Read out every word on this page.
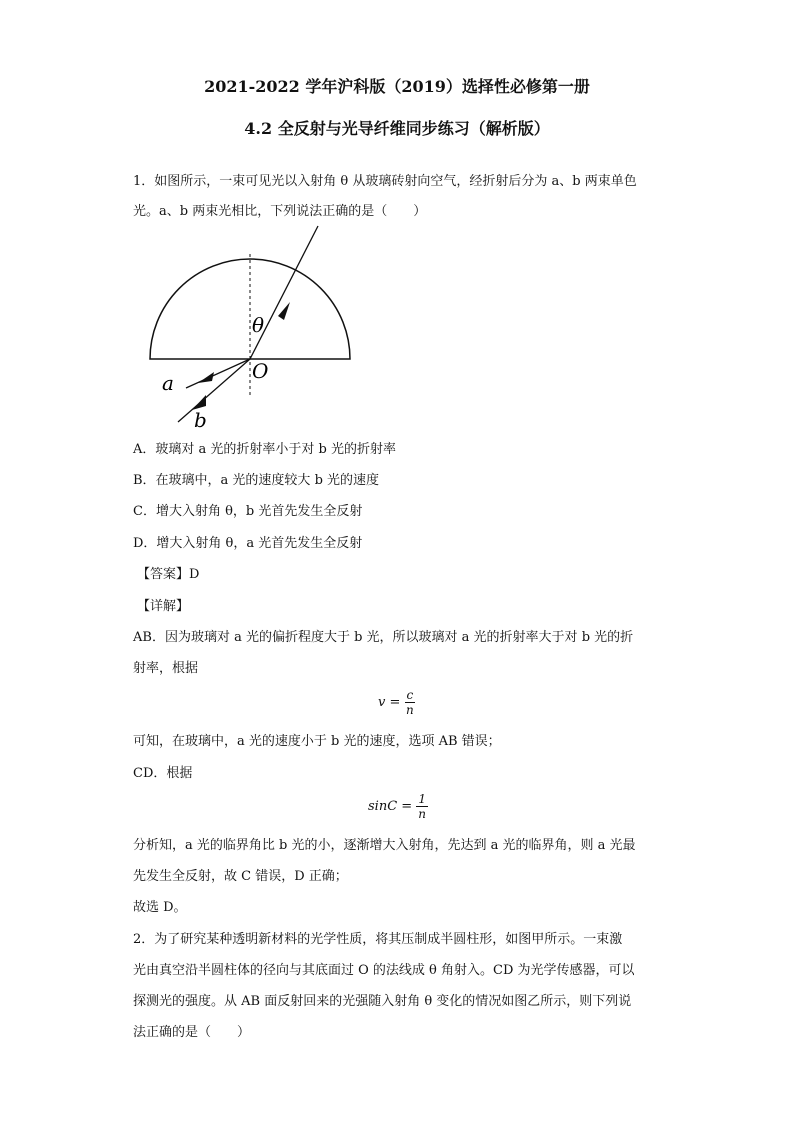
2021-2022 学年沪科版（2019）选择性必修第一册
4.2 全反射与光导纤维同步练习（解析版）
1．如图所示，一束可见光以入射角 θ 从玻璃砖射向空气，经折射后分为 a、b 两束单色
光。a、b 两束光相比，下列说法正确的是（　　）
θ
O
a
b
A．玻璃对 a 光的折射率小于对 b 光的折射率
B．在玻璃中，a 光的速度较大 b 光的速度
C．增大入射角 θ，b 光首先发生全反射
D．增大入射角 θ，a 光首先发生全反射
【答案】D
【详解】
AB．因为玻璃对 a 光的偏折程度大于 b 光，所以玻璃对 a 光的折射率大于对 b 光的折
射率，根据
$v = \frac{c}{n}$
可知，在玻璃中，a 光的速度小于 b 光的速度，选项 AB 错误；
CD．根据
$\sin C = \frac{1}{n}$
分析知，a 光的临界角比 b 光的小，逐渐增大入射角，先达到 a 光的临界角，则 a 光最
先发生全反射，故 C 错误，D 正确；
故选 D。
2．为了研究某种透明新材料的光学性质，将其压制成半圆柱形，如图甲所示。一束激
光由真空沿半圆柱体的径向与其底面过 O 的法线成 θ 角射入。CD 为光学传感器，可以
探测光的强度。从 AB 面反射回来的光强随入射角 θ 变化的情况如图乙所示，则下列说
法正确的是（　　）
